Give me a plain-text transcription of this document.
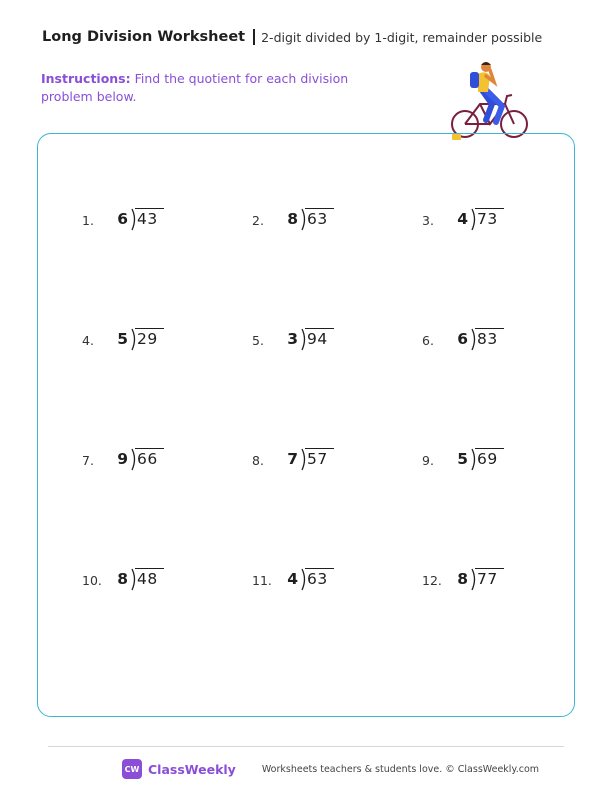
Long Division Worksheet 2-digit divided by 1-digit, remainder possible
Instructions: Find the quotient for each division problem below.
1.	6 43	2.	8 63	3.	4 73
4.	5 29	5.	3 94	6.	6 83
7.	9 66	8.	7 57	9.	5 69
10. 8 48	11. 4 63	12. 8 77
CW ClassWeekly	Worksheets teachers & students love. © ClassWeekly.com
